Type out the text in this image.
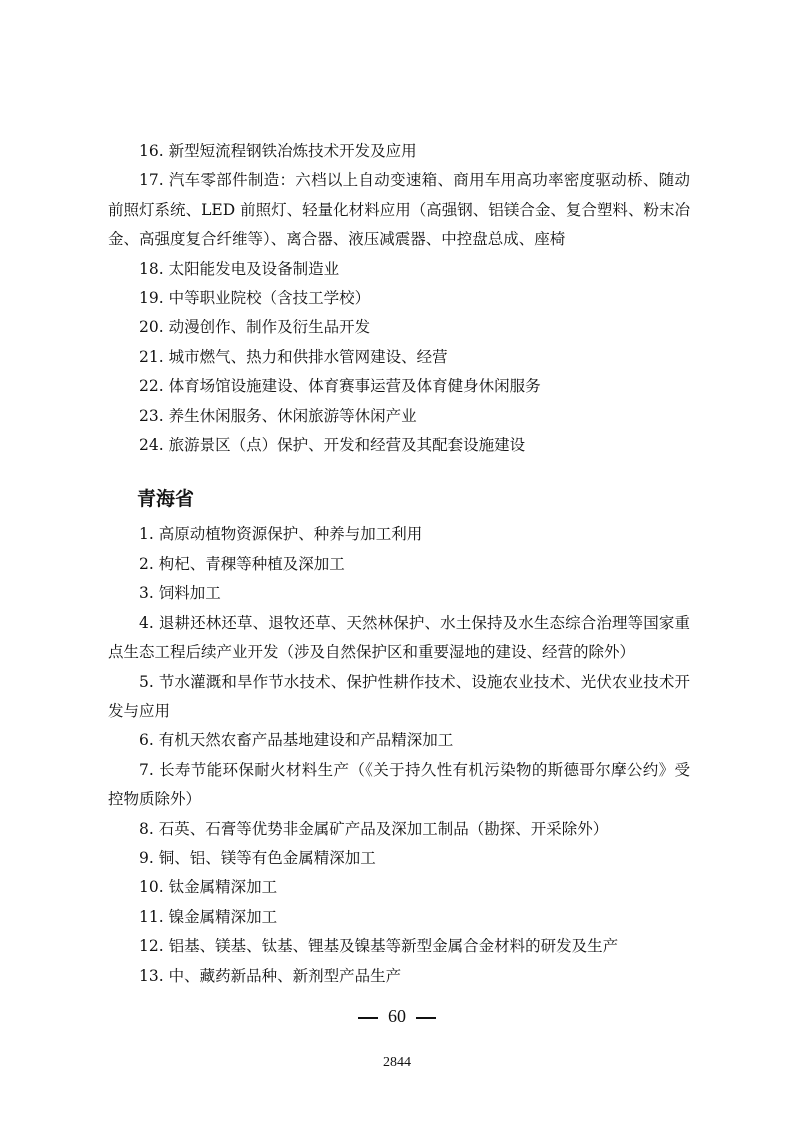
16. 新型短流程钢铁冶炼技术开发及应用

17. 汽车零部件制造：六档以上自动变速箱、商用车用高功率密度驱动桥、随动前照灯系统、LED 前照灯、轻量化材料应用（高强钢、铝镁合金、复合塑料、粉末冶金、高强度复合纤维等）、离合器、液压减震器、中控盘总成、座椅

18. 太阳能发电及设备制造业

19. 中等职业院校（含技工学校）

20. 动漫创作、制作及衍生品开发

21. 城市燃气、热力和供排水管网建设、经营

22. 体育场馆设施建设、体育赛事运营及体育健身休闲服务

23. 养生休闲服务、休闲旅游等休闲产业

24. 旅游景区（点）保护、开发和经营及其配套设施建设

青海省

1. 高原动植物资源保护、种养与加工利用

2. 枸杞、青稞等种植及深加工

3. 饲料加工

4. 退耕还林还草、退牧还草、天然林保护、水土保持及水生态综合治理等国家重点生态工程后续产业开发（涉及自然保护区和重要湿地的建设、经营的除外）

5. 节水灌溉和旱作节水技术、保护性耕作技术、设施农业技术、光伏农业技术开发与应用

6. 有机天然农畜产品基地建设和产品精深加工

7. 长寿节能环保耐火材料生产（《关于持久性有机污染物的斯德哥尔摩公约》受控物质除外）

8. 石英、石膏等优势非金属矿产品及深加工制品（勘探、开采除外）

9. 铜、铝、镁等有色金属精深加工

10. 钛金属精深加工

11. 镍金属精深加工

12. 铝基、镁基、钛基、锂基及镍基等新型金属合金材料的研发及生产

13. 中、藏药新品种、新剂型产品生产

60
2844
